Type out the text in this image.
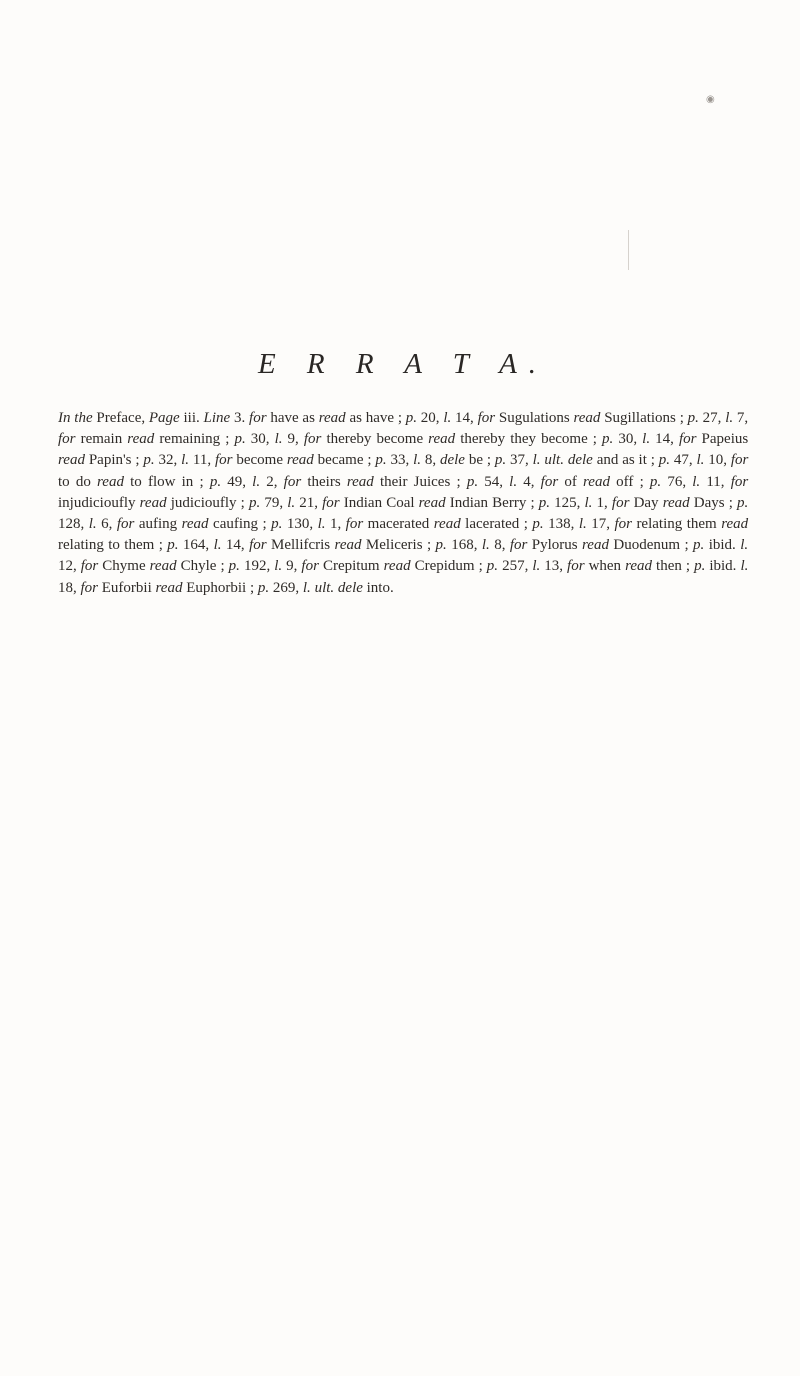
◉
E R R A T A.
In the Preface, Page iii. Line 3. for have as read as have ; p. 20, l. 14, for Sugulations read Sugillations ; p. 27, l. 7, for remain read remaining ; p. 30, l. 9, for thereby become read thereby they become ; p. 30, l. 14, for Papeius read Papin's ; p. 32, l. 11, for become read became ; p. 33, l. 8, dele be ; p. 37, l. ult. dele and as it ; p. 47, l. 10, for to do read to flow in ; p. 49, l. 2, for theirs read their Juices ; p. 54, l. 4, for of read off ; p. 76, l. 11, for injudicioufly read judicioufly ; p. 79, l. 21, for Indian Coal read Indian Berry ; p. 125, l. 1, for Day read Days ; p. 128, l. 6, for aufing read caufing ; p. 130, l. 1, for macerated read lacerated ; p. 138, l. 17, for relating them read relating to them ; p. 164, l. 14, for Mellifcris read Meliceris ; p. 168, l. 8, for Pylorus read Duodenum ; p. ibid. l. 12, for Chyme read Chyle ; p. 192, l. 9, for Crepitum read Crepidum ; p. 257, l. 13, for when read then ; p. ibid. l. 18, for Euforbii read Euphorbii ; p. 269, l. ult. dele into.
